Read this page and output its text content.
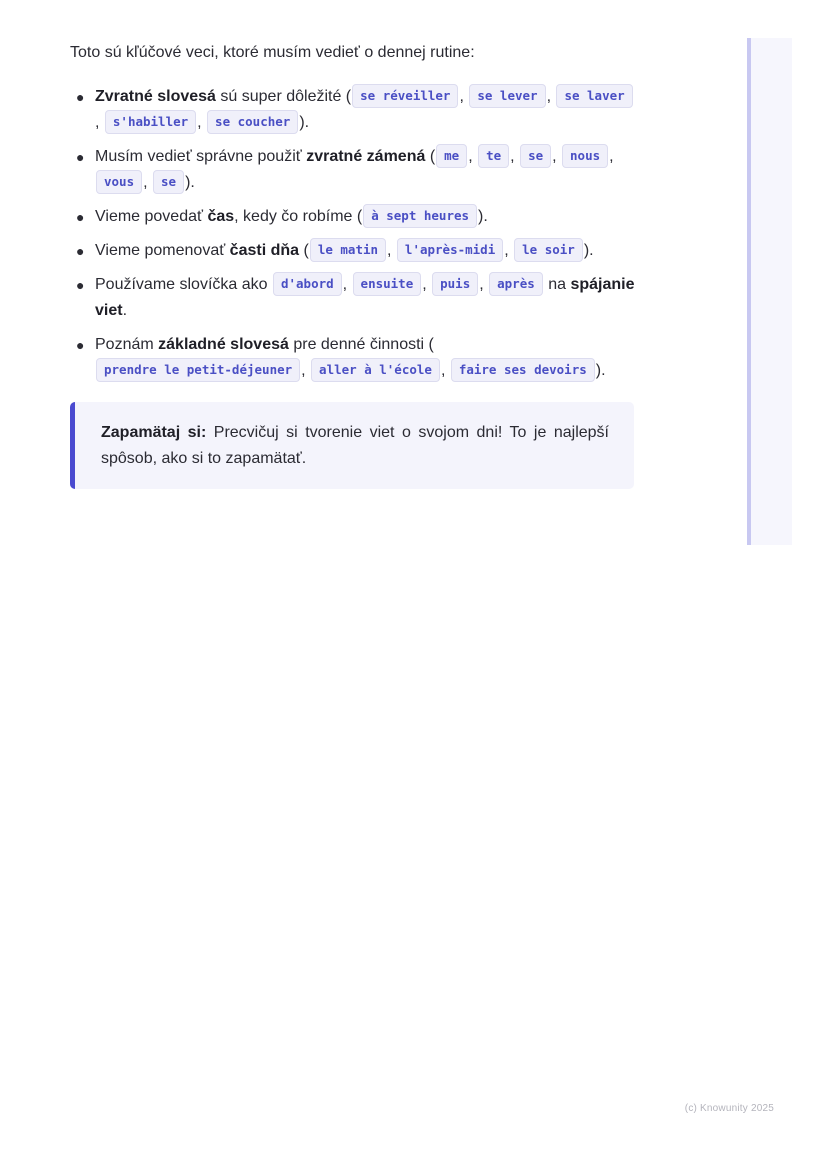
Toto sú kľúčové veci, ktoré musím vedieť o dennej rutine:

● Zvratné slovesá sú super dôležité ( se réveiller , se lever , se laver, s'habiller , se coucher ).
● Musím vedieť správne použiť zvratné zámená ( me , te , se , nous , vous , se ).
● Vieme povedať čas, kedy čo robíme ( à sept heures ).
● Vieme pomenovať časti dňa ( le matin , l'après-midi , le soir ).
● Používame slovíčka ako d'abord , ensuite , puis , après na spájanie viet.
● Poznám základné slovesá pre denné činnosti (prendre le petit-déjeuner , aller à l'école , faire ses devoirs ).
Zapamätaj si: Precvičuj si tvorenie viet o svojom dni! To je najlepší spôsob, ako si to zapamätať.
(c) Knowunity 2025
